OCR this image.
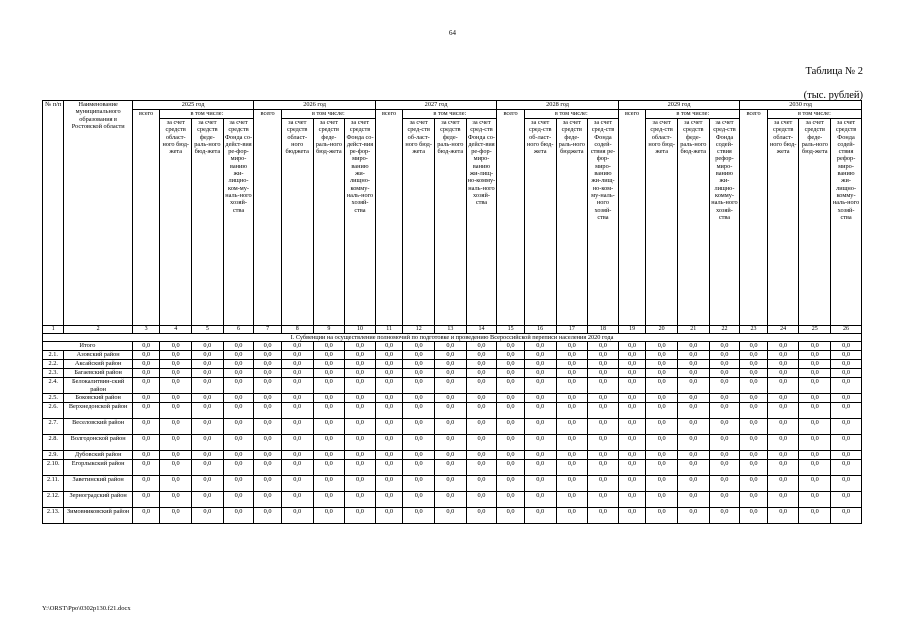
64
Таблица № 2
(тыс. рублей)
№ п/п	Наименование муниципального образования в Ростовской области	2025 год				2026 год				2027 год				2028 год				2029 год				2030 год			
		всего	в том числе:			всего	в том числе:			всего	в том числе:			всего	в том числе:			всего	в том числе:			всего	в том числе:		
			за счет средств област-ного бюд-жета	за счет средств феде-раль-ного бюд-жета	за счет средств Фонда со-дейст-вия ре-фор-миро-ванию жи-лищно-ком-му-наль-ного хозяй-ства		за счет средств област-ного бюджета	за счет средств феде-раль-ного бюд-жета	за счет средств Фонда со-дейст-вия ре-фор-миро-ванию жи-лищно-комму-наль-ного хозяй-ства		за счет сред-ств об-ласт-ного бюд-жета	за счет средств феде-раль-ного бюд-жета	за счет сред-ств Фонда со-дейст-вия ре-фор-миро-ванию жи-лищ-но-комму-наль-ного хозяй-ства		за счет сред-ств об-ласт-ного бюд-жета	за счет средств феде-раль-ного бюджета	за счет сред-ств Фонда содей-ствия ре-фор-миро-ванию жи-лищ-но-ком-му-наль-ного хозяй-ства		за счет сред-ств област-ного бюд-жета	за счет средств феде-раль-ного бюд-жета	за счет сред-ств Фонда содей-ствия рефор-миро-ванию жи-лищно-комму-наль-ного хозяй-ства		за счет средств област-ного бюд-жета	за счет средств феде-раль-ного бюд-жета	за счет средств Фонда содей-ствия рефор-миро-ванию жи-лищно-комму-наль-ного хозяй-ства
1	2	3	4	5	6	7	8	9	10	11	12	13	14	15	16	17	18	19	20	21	22	23	24	25	26
I. Субвенции на осуществление полномочий по подготовке и проведению Всероссийской переписи населения 2020 года																									
Итого		0,0	0,0	0,0	0,0	0,0	0,0	0,0	0,0	0,0	0,0	0,0	0,0	0,0	0,0	0,0	0,0	0,0	0,0	0,0	0,0	0,0	0,0	0,0	0,0
2.1.	Азовский район	0,0	0,0	0,0	0,0	0,0	0,0	0,0	0,0	0,0	0,0	0,0	0,0	0,0	0,0	0,0	0,0	0,0	0,0	0,0	0,0	0,0	0,0	0,0	0,0
2.2.	Аксайский район	0,0	0,0	0,0	0,0	0,0	0,0	0,0	0,0	0,0	0,0	0,0	0,0	0,0	0,0	0,0	0,0	0,0	0,0	0,0	0,0	0,0	0,0	0,0	0,0
2.3.	Багаевский район	0,0	0,0	0,0	0,0	0,0	0,0	0,0	0,0	0,0	0,0	0,0	0,0	0,0	0,0	0,0	0,0	0,0	0,0	0,0	0,0	0,0	0,0	0,0	0,0
2.4.	Белокалитвин-ский район	0,0	0,0	0,0	0,0	0,0	0,0	0,0	0,0	0,0	0,0	0,0	0,0	0,0	0,0	0,0	0,0	0,0	0,0	0,0	0,0	0,0	0,0	0,0	0,0
2.5.	Боковский район	0,0	0,0	0,0	0,0	0,0	0,0	0,0	0,0	0,0	0,0	0,0	0,0	0,0	0,0	0,0	0,0	0,0	0,0	0,0	0,0	0,0	0,0	0,0	0,0
2.6.	Верхнедонской район	0,0	0,0	0,0	0,0	0,0	0,0	0,0	0,0	0,0	0,0	0,0	0,0	0,0	0,0	0,0	0,0	0,0	0,0	0,0	0,0	0,0	0,0	0,0	0,0
2.7.	Веселовский район	0,0	0,0	0,0	0,0	0,0	0,0	0,0	0,0	0,0	0,0	0,0	0,0	0,0	0,0	0,0	0,0	0,0	0,0	0,0	0,0	0,0	0,0	0,0	0,0
2.8.	Волгодонской район	0,0	0,0	0,0	0,0	0,0	0,0	0,0	0,0	0,0	0,0	0,0	0,0	0,0	0,0	0,0	0,0	0,0	0,0	0,0	0,0	0,0	0,0	0,0	0,0
2.9.	Дубовский район	0,0	0,0	0,0	0,0	0,0	0,0	0,0	0,0	0,0	0,0	0,0	0,0	0,0	0,0	0,0	0,0	0,0	0,0	0,0	0,0	0,0	0,0	0,0	0,0
2.10.	Егорлыкский район	0,0	0,0	0,0	0,0	0,0	0,0	0,0	0,0	0,0	0,0	0,0	0,0	0,0	0,0	0,0	0,0	0,0	0,0	0,0	0,0	0,0	0,0	0,0	0,0
2.11.	Заветинский район	0,0	0,0	0,0	0,0	0,0	0,0	0,0	0,0	0,0	0,0	0,0	0,0	0,0	0,0	0,0	0,0	0,0	0,0	0,0	0,0	0,0	0,0	0,0	0,0
2.12.	Зерноградский район	0,0	0,0	0,0	0,0	0,0	0,0	0,0	0,0	0,0	0,0	0,0	0,0	0,0	0,0	0,0	0,0	0,0	0,0	0,0	0,0	0,0	0,0	0,0	0,0
2.13.	Зимовниковский район	0,0	0,0	0,0	0,0	0,0	0,0	0,0	0,0	0,0	0,0	0,0	0,0	0,0	0,0	0,0	0,0	0,0	0,0	0,0	0,0	0,0	0,0	0,0	0,0
Y:\ORST\Ppo\0302p130.f21.docx
